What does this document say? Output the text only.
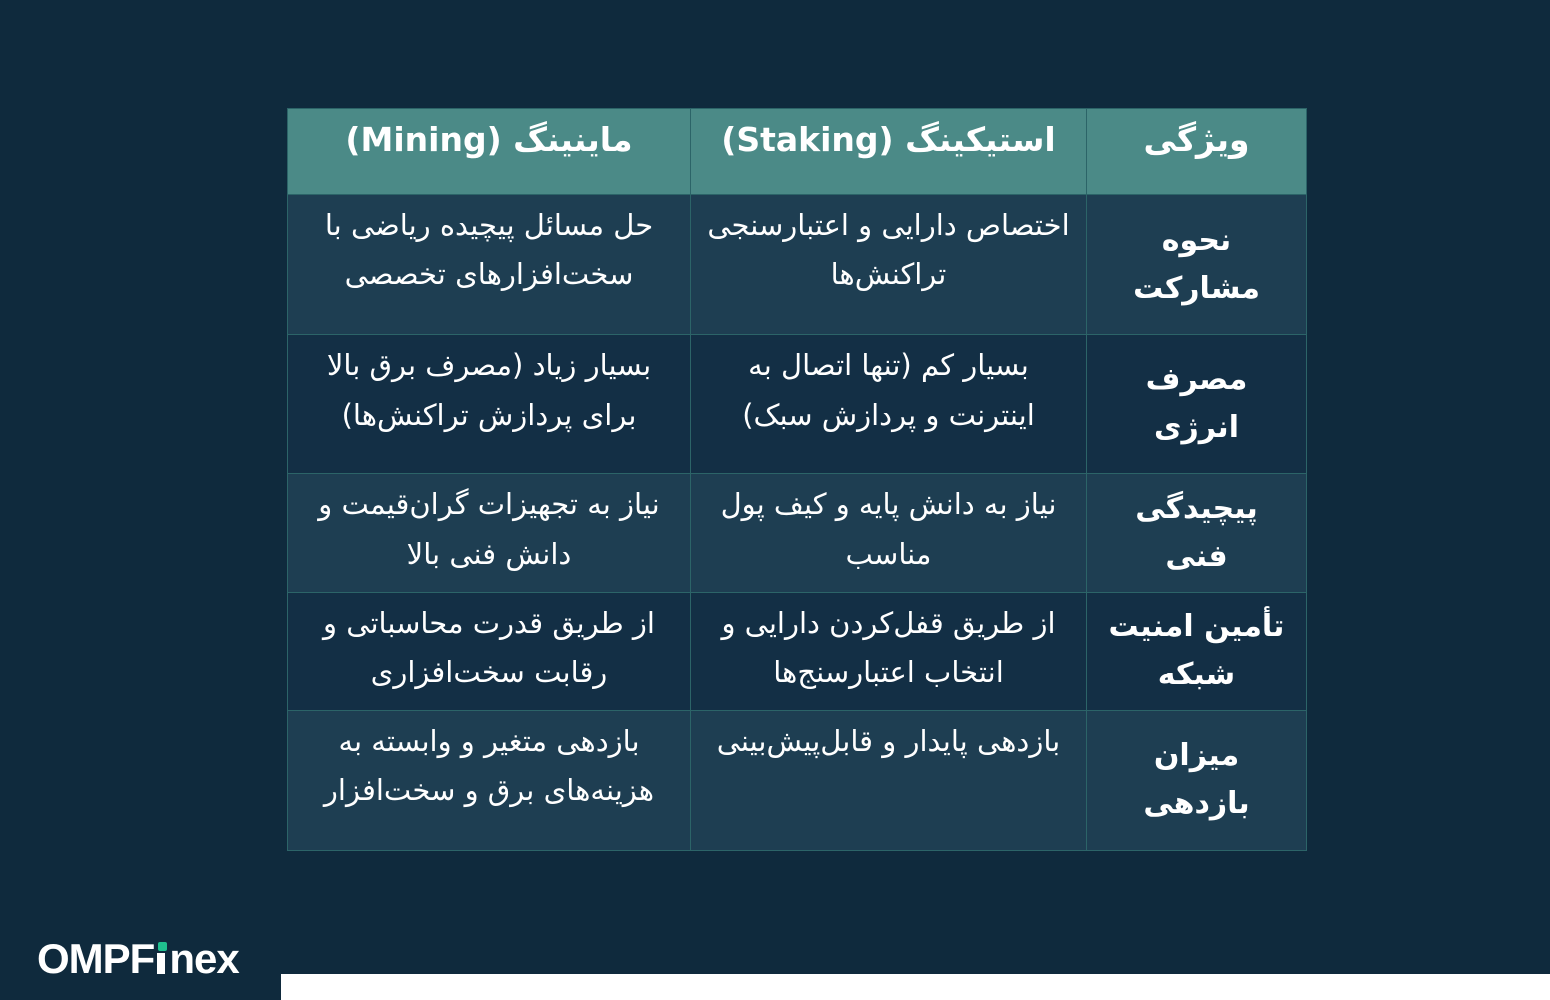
ویژگی	استیکینگ (Staking)	ماینینگ (Mining)
نحوه مشارکت	اختصاص دارایی و اعتبارسنجی تراکنش‌ها	حل مسائل پیچیده ریاضی با سخت‌افزارهای تخصصی
مصرف انرژی	بسیار کم (تنها اتصال به اینترنت و پردازش سبک)	بسیار زیاد (مصرف برق بالا برای پردازش تراکنش‌ها)
پیچیدگی فنی	نیاز به دانش پایه و کیف پول مناسب	نیاز به تجهیزات گران‌قیمت و دانش فنی بالا
تأمین امنیت شبکه	از طریق قفل‌کردن دارایی و انتخاب اعتبارسنج‌ها	از طریق قدرت محاسباتی و رقابت سخت‌افزاری
میزان بازدهی	بازدهی پایدار و قابل‌پیش‌بینی	بازدهی متغیر و وابسته به هزینه‌های برق و سخت‌افزار
OMPF nex
